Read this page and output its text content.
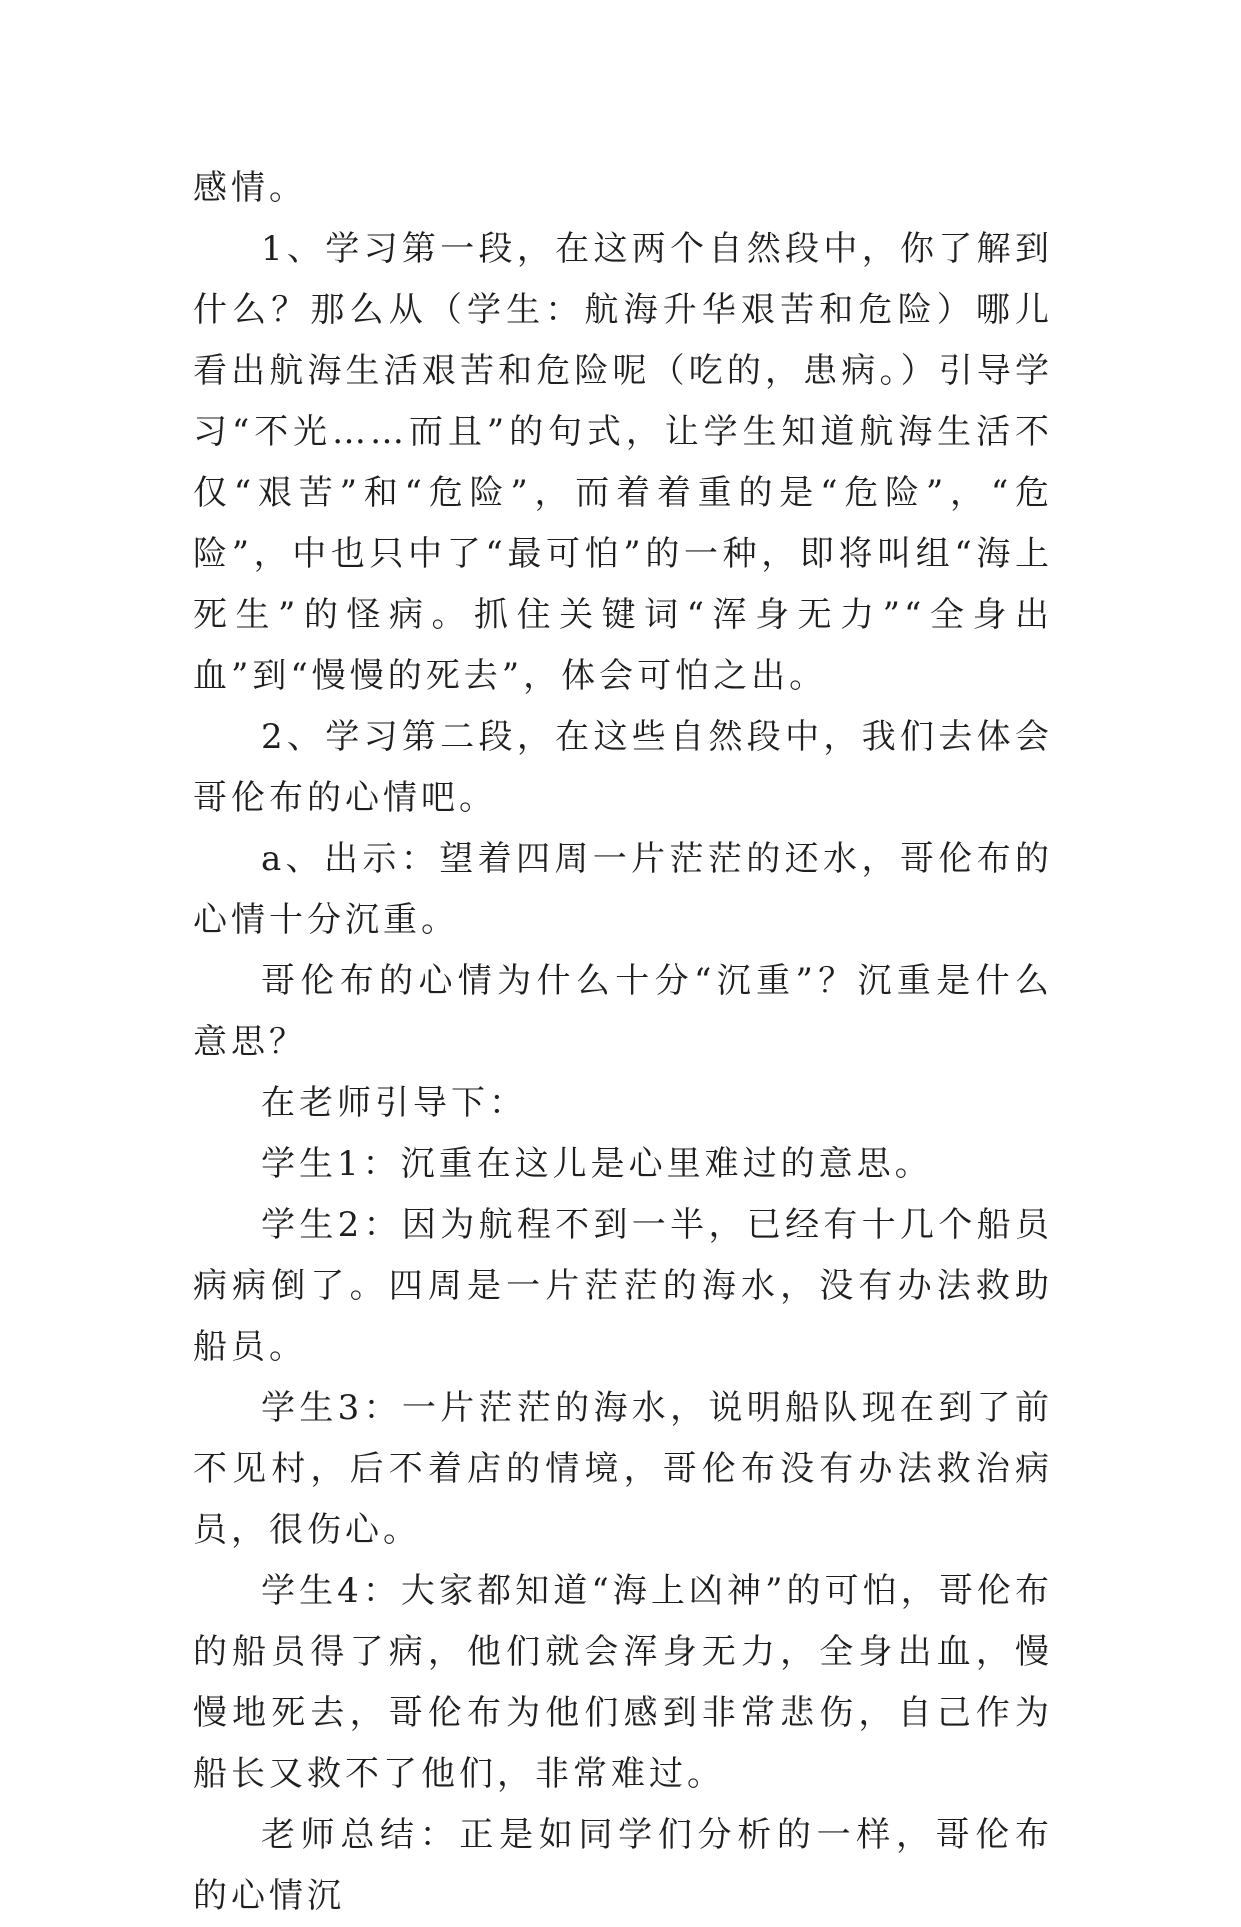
感情。

1、学习第一段，在这两个自然段中，你了解到什么？那么从（学生：航海升华艰苦和危险）哪儿看出航海生活艰苦和危险呢（吃的，患病。）引导学习“不光……而且”的句式，让学生知道航海生活不仅“艰苦”和“危险”，而着着重的是“危险”，“危险”，中也只中了“最可怕”的一种，即将叫组“海上死生”的怪病。抓住关键词“浑身无力”“全身出血”到“慢慢的死去”，体会可怕之出。

2、学习第二段，在这些自然段中，我们去体会哥伦布的心情吧。

a、出示：望着四周一片茫茫的还水，哥伦布的心情十分沉重。

哥伦布的心情为什么十分“沉重”？沉重是什么意思？

在老师引导下：

学生1：沉重在这儿是心里难过的意思。

学生2：因为航程不到一半，已经有十几个船员病病倒了。四周是一片茫茫的海水，没有办法救助船员。

学生3：一片茫茫的海水，说明船队现在到了前不见村，后不着店的情境，哥伦布没有办法救治病员，很伤心。

学生4：大家都知道“海上凶神”的可怕，哥伦布的船员得了病，他们就会浑身无力，全身出血，慢慢地死去，哥伦布为他们感到非常悲伤，自己作为船长又救不了他们，非常难过。

老师总结：正是如同学们分析的一样，哥伦布的心情沉
